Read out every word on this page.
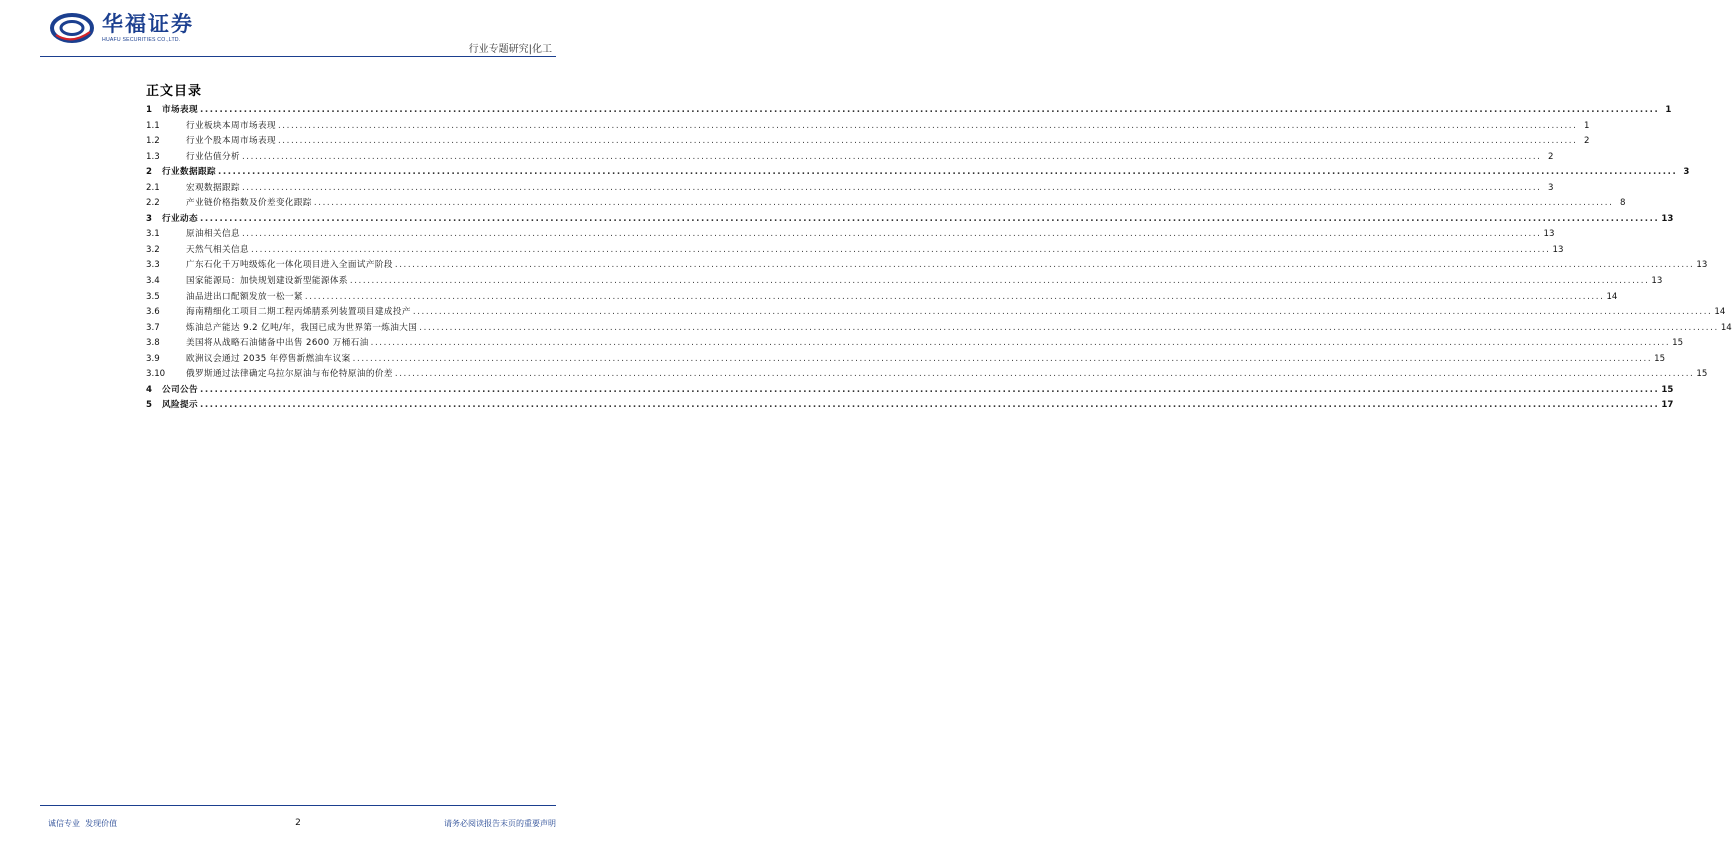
华福证券
HUAFU SECURITIES CO.,LTD.
行业专题研究|化工
正文目录
1	市场表现 ............................................................................................................................................................................................................................................................................................................ 1
1.1	行业板块本周市场表现 ............................................................................................................................................................................................................................................................................................................ 1
1.2	行业个股本周市场表现 ............................................................................................................................................................................................................................................................................................................ 2
1.3	行业估值分析 ............................................................................................................................................................................................................................................................................................................ 2
2	行业数据跟踪 ............................................................................................................................................................................................................................................................................................................ 3
2.1	宏观数据跟踪 ............................................................................................................................................................................................................................................................................................................ 3
2.2	产业链价格指数及价差变化跟踪 ............................................................................................................................................................................................................................................................................................................ 8
3	行业动态 ............................................................................................................................................................................................................................................................................................................ 13
3.1	原油相关信息 ............................................................................................................................................................................................................................................................................................................ 13
3.2	天然气相关信息 ............................................................................................................................................................................................................................................................................................................ 13
3.3	广东石化千万吨级炼化一体化项目进入全面试产阶段 ............................................................................................................................................................................................................................................................................................................ 13
3.4	国家能源局：加快规划建设新型能源体系 ............................................................................................................................................................................................................................................................................................................ 13
3.5	油品进出口配额发放一松一紧 ............................................................................................................................................................................................................................................................................................................ 14
3.6	海南精细化工项目二期工程丙烯腈系列装置项目建成投产 ............................................................................................................................................................................................................................................................................................................ 14
3.7	炼油总产能达 9.2 亿吨/年，我国已成为世界第一炼油大国 ............................................................................................................................................................................................................................................................................................................ 14
3.8	美国将从战略石油储备中出售 2600 万桶石油 ............................................................................................................................................................................................................................................................................................................ 15
3.9	欧洲议会通过 2035 年停售新燃油车议案 ............................................................................................................................................................................................................................................................................................................ 15
3.10	俄罗斯通过法律确定乌拉尔原油与布伦特原油的价差 ............................................................................................................................................................................................................................................................................................................ 15
4	公司公告 ............................................................................................................................................................................................................................................................................................................ 15
5	风险提示 ............................................................................................................................................................................................................................................................................................................ 17
诚信专业  发现价值	2	请务必阅读报告末页的重要声明
